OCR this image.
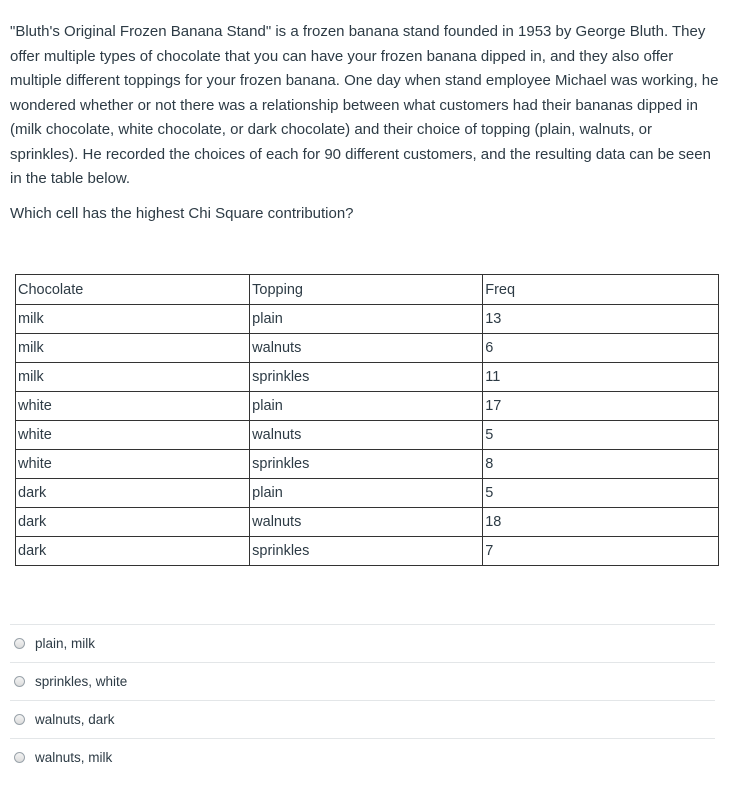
"Bluth's Original Frozen Banana Stand" is a frozen banana stand founded in 1953 by George Bluth. They offer multiple types of chocolate that you can have your frozen banana dipped in, and they also offer multiple different toppings for your frozen banana. One day when stand employee Michael was working, he wondered whether or not there was a relationship between what customers had their bananas dipped in (milk chocolate, white chocolate, or dark chocolate) and their choice of topping (plain, walnuts, or sprinkles). He recorded the choices of each for 90 different customers, and the resulting data can be seen in the table below.

Which cell has the highest Chi Square contribution?

Chocolate	Topping	Freq
milk	plain	13
milk	walnuts	6
milk	sprinkles	11
white	plain	17
white	walnuts	5
white	sprinkles	8
dark	plain	5
dark	walnuts	18
dark	sprinkles	7
plain, milk
sprinkles, white
walnuts, dark
walnuts, milk
